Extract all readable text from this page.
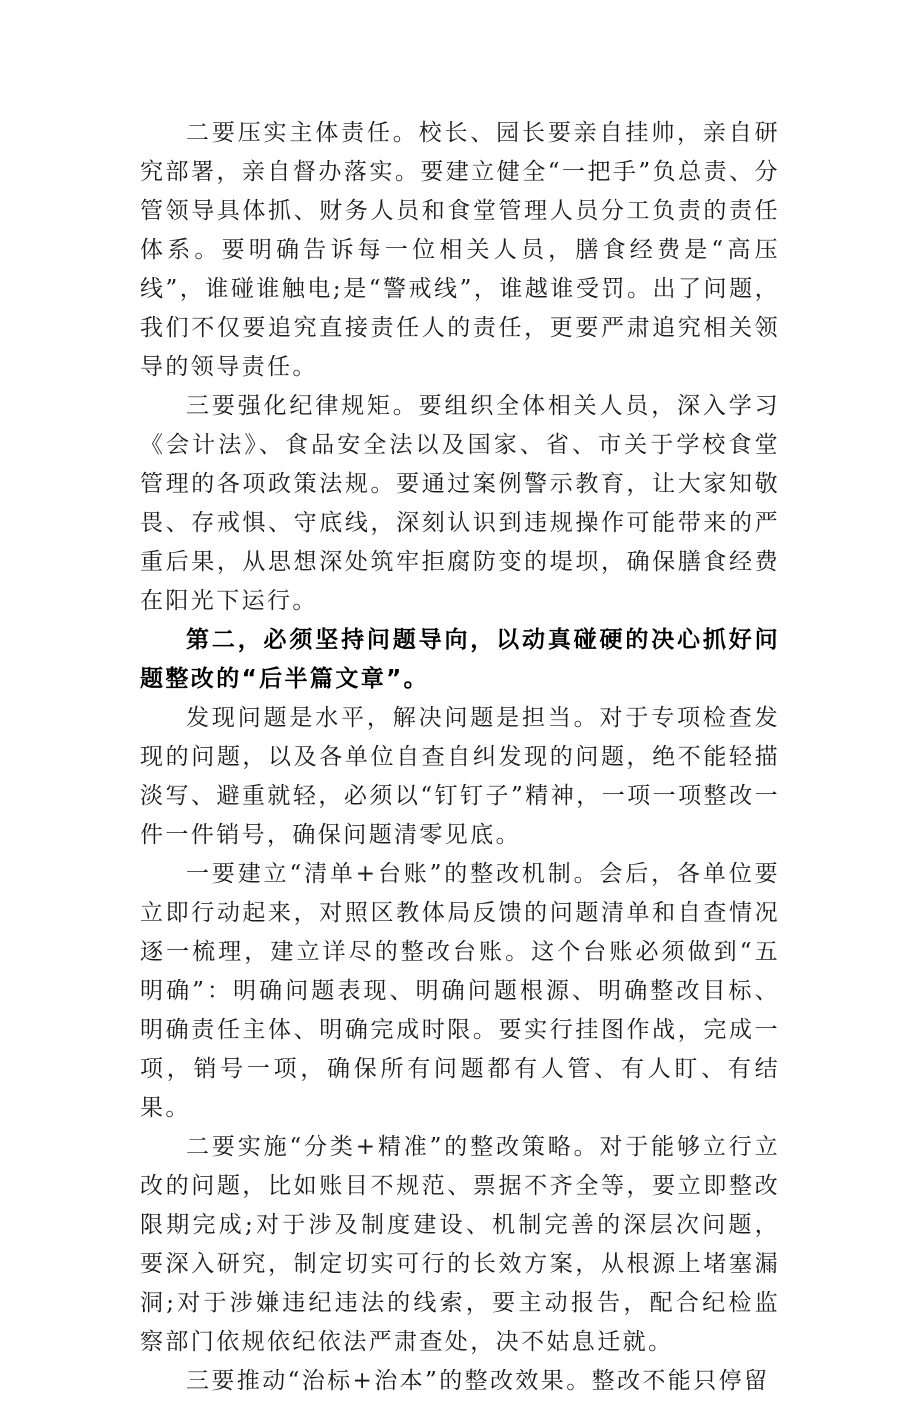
二要压实主体责任。校长、园长要亲自挂帅，亲自研究部署，亲自督办落实。要建立健全“一把手”负总责、分管领导具体抓、财务人员和食堂管理人员分工负责的责任体系。要明确告诉每一位相关人员，膳食经费是“高压线”，谁碰谁触电;是“警戒线”，谁越谁受罚。出了问题，我们不仅要追究直接责任人的责任，更要严肃追究相关领导的领导责任。

三要强化纪律规矩。要组织全体相关人员，深入学习《会计法》、食品安全法以及国家、省、市关于学校食堂管理的各项政策法规。要通过案例警示教育，让大家知敬畏、存戒惧、守底线，深刻认识到违规操作可能带来的严重后果，从思想深处筑牢拒腐防变的堤坝，确保膳食经费在阳光下运行。

第二，必须坚持问题导向，以动真碰硬的决心抓好问题整改的“后半篇文章”。

发现问题是水平，解决问题是担当。对于专项检查发现的问题，以及各单位自查自纠发现的问题，绝不能轻描淡写、避重就轻，必须以“钉钉子”精神，一项一项整改一件一件销号，确保问题清零见底。

一要建立“清单+台账”的整改机制。会后，各单位要立即行动起来，对照区教体局反馈的问题清单和自查情况逐一梳理，建立详尽的整改台账。这个台账必须做到“五明确”：明确问题表现、明确问题根源、明确整改目标、明确责任主体、明确完成时限。要实行挂图作战，完成一项，销号一项，确保所有问题都有人管、有人盯、有结果。

二要实施“分类+精准”的整改策略。对于能够立行立改的问题，比如账目不规范、票据不齐全等，要立即整改限期完成;对于涉及制度建设、机制完善的深层次问题，要深入研究，制定切实可行的长效方案，从根源上堵塞漏洞;对于涉嫌违纪违法的线索，要主动报告，配合纪检监察部门依规依纪依法严肃查处，决不姑息迁就。

三要推动“治标+治本”的整改效果。整改不能只停留
